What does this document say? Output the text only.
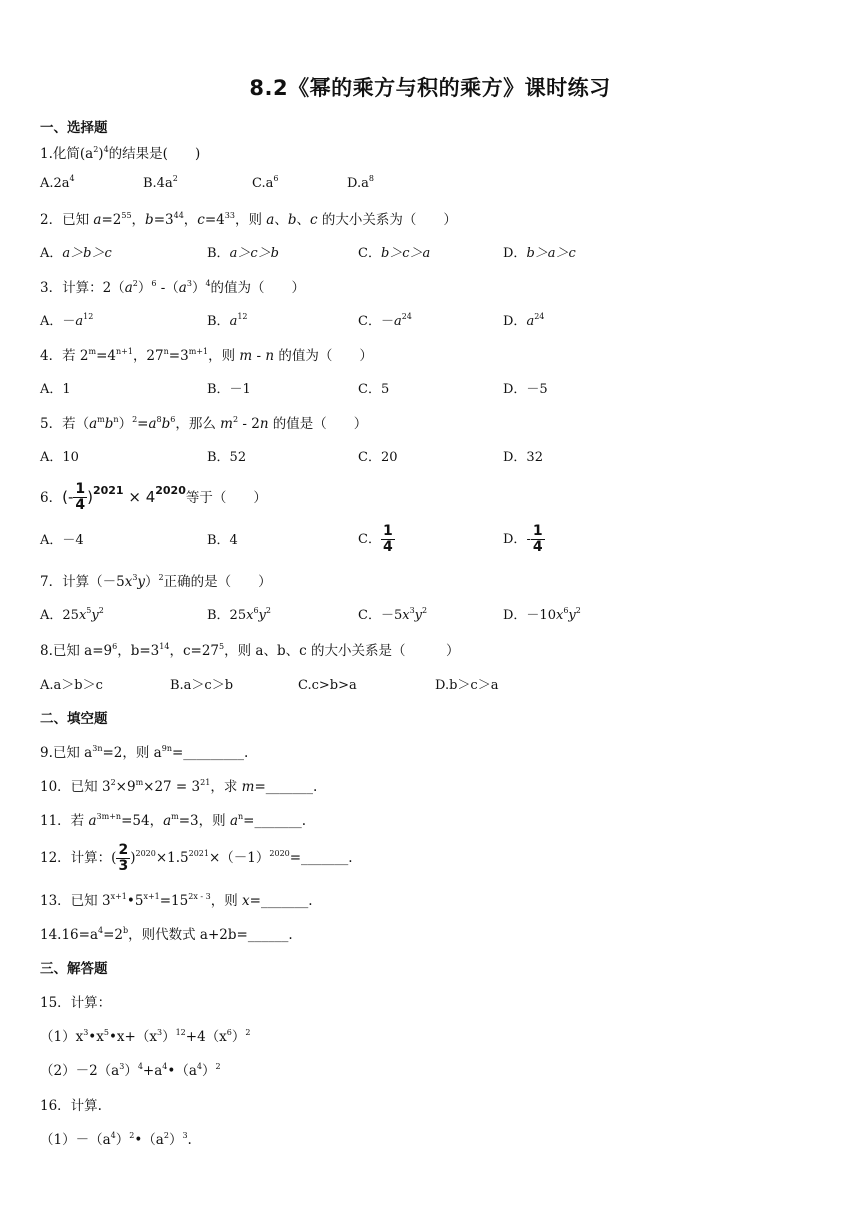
8.2《幂的乘方与积的乘方》课时练习
一、选择题
1.化简$(a^2)^4$的结果是(　　)
$A.2a^4$	$B.4a^2$	$C.a^6$	$D.a^8$
2．已知 $a=2^{55}$，$b=3^{44}$，$c=4^{33}$，则 a、b、c 的大小关系为（　　）
A．a＞b＞c	B．a＞c＞b	C．b＞c＞a	D．b＞a＞c
3．计算：$2(a^2)^6$ $-(a^3)^4$的值为（　　）
A．$-a^{12}$	B．$a^{12}$	C．$-a^{24}$	D．$a^{24}$
4．若 $2^m=4^{n+1}$，$27^n=3^{m+1}$，则 m - n 的值为（　　）
A．1	B．－1	C．5	D．－5
5．若$(a^mb^n)^2=a^8b^6$，那么 $m^2 - 2n$ 的值是（　　）
A．10	B．52	C．20	D．32
6．(- $\frac{1}{4} )^{2021} \times 4^{2020}$等于（　　）
A．－4	B．4	C． $\frac{1}{4}$	D．- $\frac{1}{4}$
7．计算$(-5x^3y)^2$正确的是（　　）
A．$25x^5y^2$	B．$25x^6y^2$	C．$-5x^3y^2$	D．$-10x^6y^2$
8.已知 $a=9^6$，$b=3^{14}$，$c=27^5$，则 a、b、c 的大小关系是（　　　）
A.a＞b＞c	B.a＞c＞b	C.c>b>a	D.b＞c＞a
二、填空题
9.已知 $a^{3n}=2$，则 $a^{9n}=\_\_\_\_\_\_\_\_\_$.
10．已知 $3^2\times 9^m\times 27 = 3^{21}$，求 m=_______.
11．若 $a^{3m+n}=54$，$a^m=3$，则 $a^n=\_\_\_\_\_\_\_$.
12．计算：( $\frac{2}{3}$ )$^{2020}\times 1.5^{2021}\times(-1)^{2020}=\_\_\_\_\_\_\_$.
13．已知 $3^{x+1}•5^{x+1}=15^{2x - 3}$，则 x=_______.
$14.16=a^4=2^b$，则代数式 a+2b=______.
三、解答题
15．计算：
$(1)x^3•x^5•x+(x^3)^{12}+4(x^6)^2$
$(2)-2(a^3)^4+a^4•(a^4)^2$
16．计算.
$(1)-(a^4)^2•(a^2)^3$.
